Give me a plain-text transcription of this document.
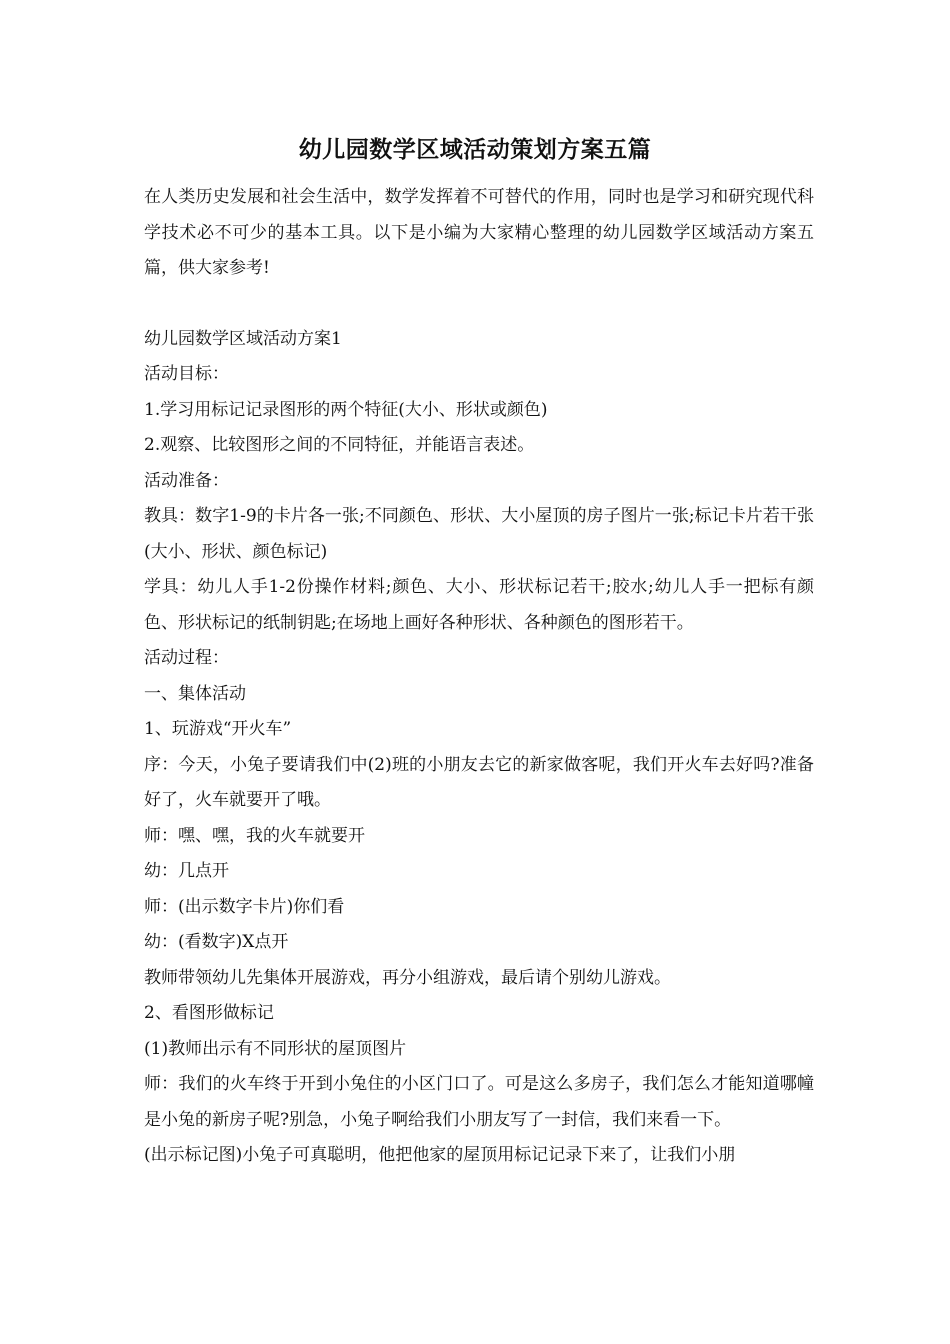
幼儿园数学区域活动策划方案五篇

在人类历史发展和社会生活中，数学发挥着不可替代的作用，同时也是学习和研究现代科学技术必不可少的基本工具。以下是小编为大家精心整理的幼儿园数学区域活动方案五篇，供大家参考!

幼儿园数学区域活动方案1

活动目标：

1.学习用标记记录图形的两个特征(大小、形状或颜色)

2.观察、比较图形之间的不同特征，并能语言表述。

活动准备：

教具：数字1-9的卡片各一张;不同颜色、形状、大小屋顶的房子图片一张;标记卡片若干张(大小、形状、颜色标记)

学具：幼儿人手1-2份操作材料;颜色、大小、形状标记若干;胶水;幼儿人手一把标有颜色、形状标记的纸制钥匙;在场地上画好各种形状、各种颜色的图形若干。

活动过程：

一、集体活动

1、玩游戏“开火车”

序：今天，小兔子要请我们中(2)班的小朋友去它的新家做客呢，我们开火车去好吗?准备好了，火车就要开了哦。

师：嘿、嘿，我的火车就要开

幼：几点开

师：(出示数字卡片)你们看

幼：(看数字)X点开

教师带领幼儿先集体开展游戏，再分小组游戏，最后请个别幼儿游戏。

2、看图形做标记

(1)教师出示有不同形状的屋顶图片

师：我们的火车终于开到小兔住的小区门口了。可是这么多房子，我们怎么才能知道哪幢是小兔的新房子呢?别急，小兔子啊给我们小朋友写了一封信，我们来看一下。

(出示标记图)小兔子可真聪明，他把他家的屋顶用标记记录下来了，让我们小朋
